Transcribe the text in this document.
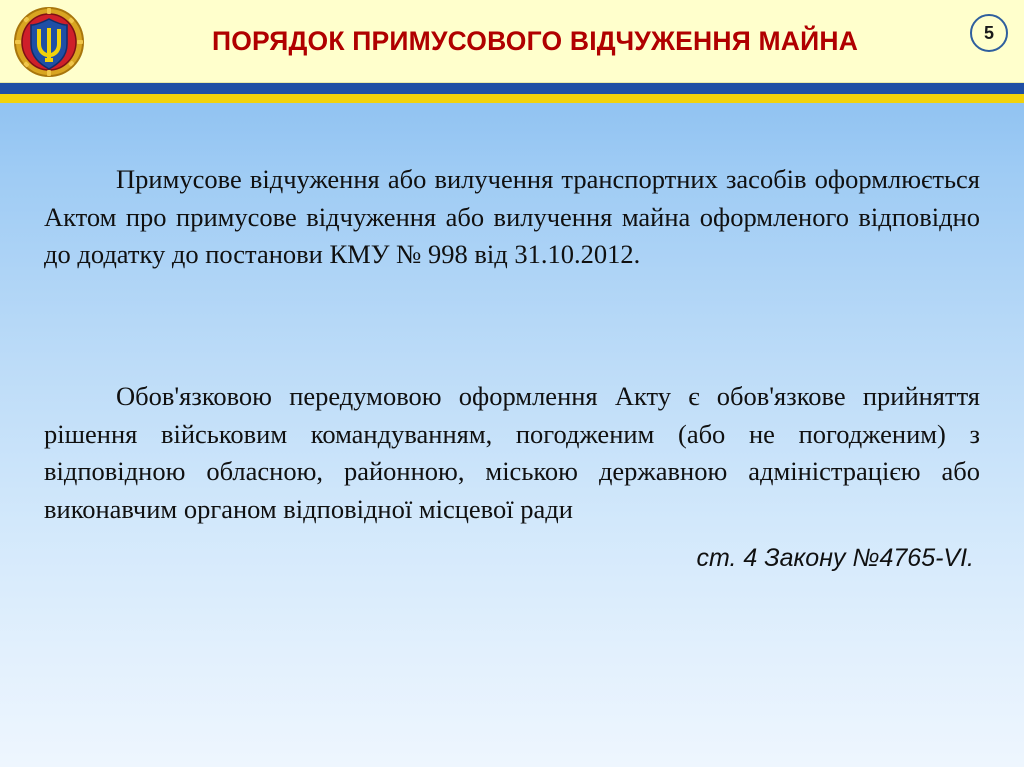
ПОРЯДОК ПРИМУСОВОГО ВІДЧУЖЕННЯ МАЙНА	5

Примусове відчуження або вилучення транспортних засобів оформлюється Актом про примусове відчуження або вилучення майна оформленого відповідно до додатку до постанови КМУ № 998 від 31.10.2012.

Обов'язковою передумовою оформлення Акту є обов'язкове прийняття рішення військовим командуванням, погодженим (або не погодженим) з відповідною обласною, районною, міською державною адміністрацією або виконавчим органом відповідної місцевої ради

ст. 4 Закону №4765-VI.
